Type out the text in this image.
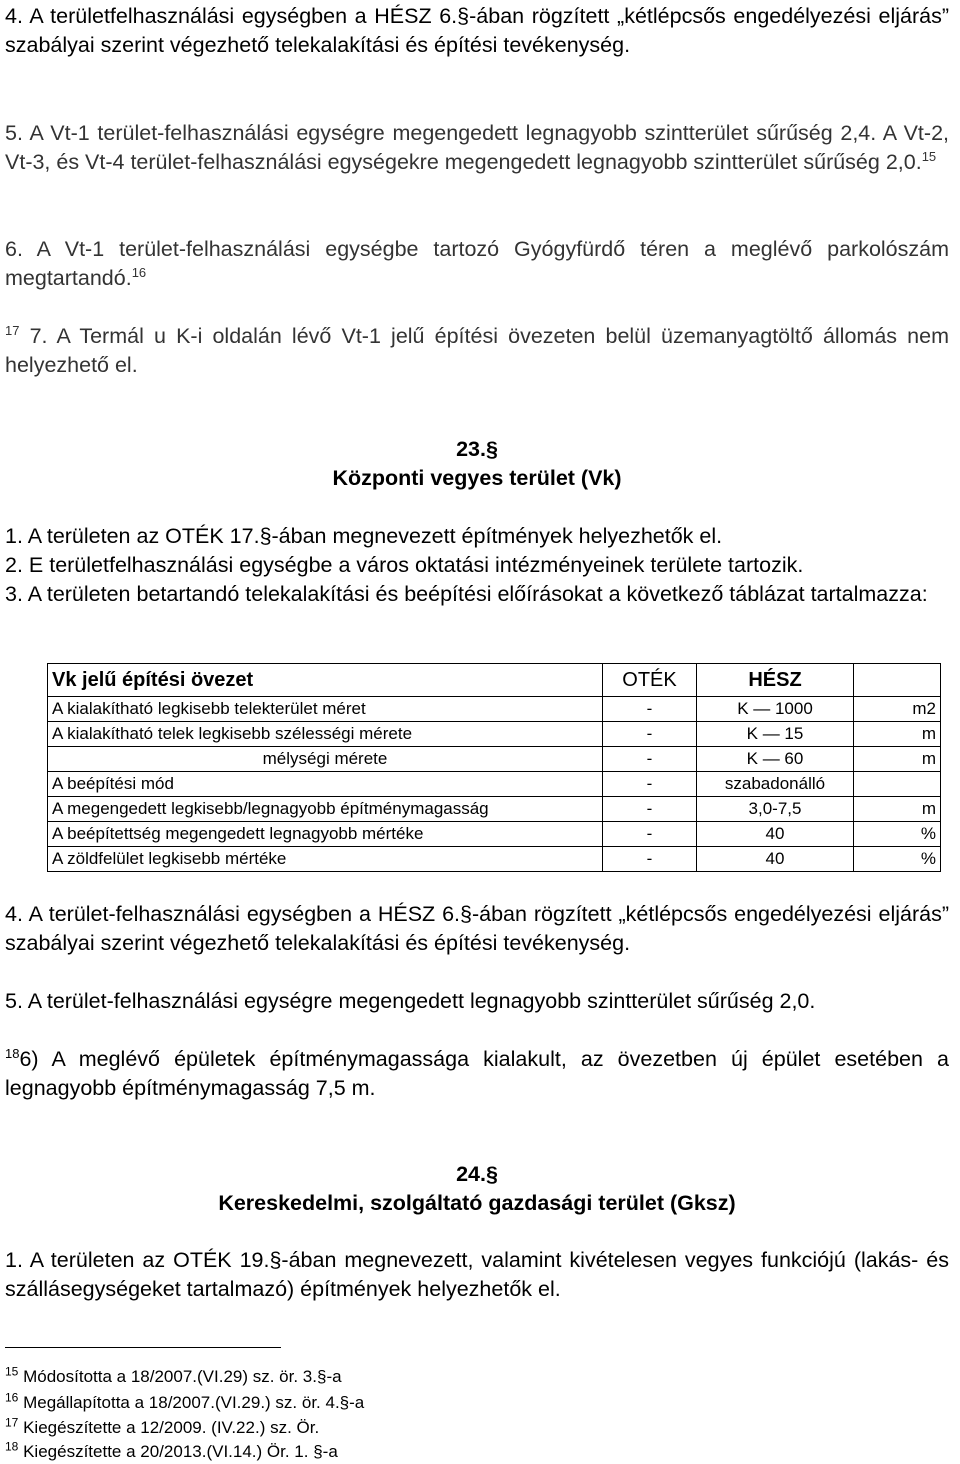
4. A területfelhasználási egységben a HÉSZ 6.§-ában rögzített „kétlépcsős engedélyezési eljárás” szabályai szerint végezhető telekalakítási és építési tevékenység.

5. A Vt-1 terület-felhasználási egységre megengedett legnagyobb szintterület sűrűség 2,4. A Vt-2, Vt-3, és Vt-4 terület-felhasználási egységekre megengedett legnagyobb szintterület sűrűség 2,0.15

6. A Vt-1 terület-felhasználási egységbe tartozó Gyógyfürdő téren a meglévő parkolószám megtartandó.$^{16}$

$^{17}$ 7. A Termál u K-i oldalán lévő Vt-1 jelű építési övezeten belül üzemanyagtöltő állomás nem helyezhető el.

23.§
Központi vegyes terület (Vk)

1. A területen az OTÉK 17.§-ában megnevezett építmények helyezhetők el.

2. E területfelhasználási egységbe a város oktatási intézményeinek területe tartozik.

3. A területen betartandó telekalakítási és beépítési előírásokat a következő táblázat tartalmazza:

Vk jelű építési övezet	OTÉK	HÉSZ	
A kialakítható legkisebb telekterület méret	-	K — 1000	m2
A kialakítható telek legkisebb szélességi mérete	-	K — 15	m
mélységi mérete	-	K — 60	m
A beépítési mód	-	szabadonálló	
A megengedett legkisebb/legnagyobb építménymagasság	-	3,0-7,5	m
A beépítettség megengedett legnagyobb mértéke	-	40	%
A zöldfelület legkisebb mértéke	-	40	%

4. A terület-felhasználási egységben a HÉSZ 6.§-ában rögzített „kétlépcsős engedélyezési eljárás” szabályai szerint végezhető telekalakítási és építési tevékenység.

5. A terület-felhasználási egységre megengedett legnagyobb szintterület sűrűség 2,0.

$^{18}$6) A meglévő épületek építménymagassága kialakult, az övezetben új épület esetében a legnagyobb építménymagasság 7,5 m.

24.§
Kereskedelmi, szolgáltató gazdasági terület (Gksz)

1. A területen az OTÉK 19.§-ában megnevezett, valamint kivételesen vegyes funkciójú (lakás- és szállásegységeket tartalmazó) építmények helyezhetők el.

$^{15}$ Módosította a 18/2007.(VI.29) sz. ör. 3.§-a
$^{16}$ Megállapította a 18/2007.(VI.29.) sz. ör. 4.§-a
$^{17}$ Kiegészítette a 12/2009. (IV.22.) sz. Ör.
$^{18}$ Kiegészítette a 20/2013.(VI.14.) Ör. 1. §-a
